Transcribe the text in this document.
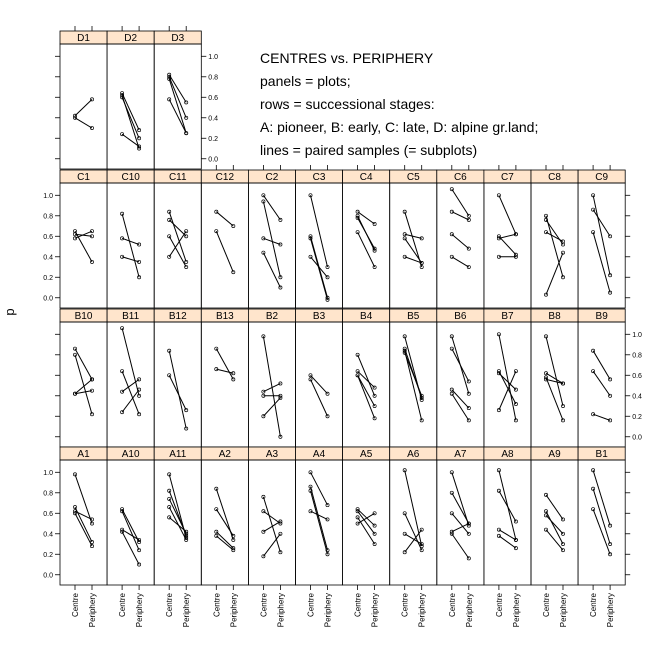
CENTRES vs. PERIPHERY
panels = plots;
rows = successional stages:
A: pioneer, B: early, C: late, D: alpine gr.land;
lines = paired samples (= subplots)
D1	D2	D3
C1	C10	C11	C12	C2	C3	C4	C5	C6	C7	C8	C9
B10	B11	B12	B13	B2	B3	B4	B5	B6	B7	B8	B9
A1	A10	A11	A2	A3	A4	A5	A6	A7	A8	A9	B1
0.0
0.2
0.4
0.6
0.8
1.0
0.0
0.2
0.4
0.6
0.8
1.0
0.0
0.2
0.4
0.6
0.8
1.0
0.0
0.2
0.4
0.6
0.8
1.0
Centre Periphery	Centre Periphery	Centre Periphery	Centre Periphery	Centre Periphery	Centre Periphery	Centre Periphery	Centre Periphery	Centre Periphery	Centre Periphery	Centre Periphery	Centre Periphery
p
